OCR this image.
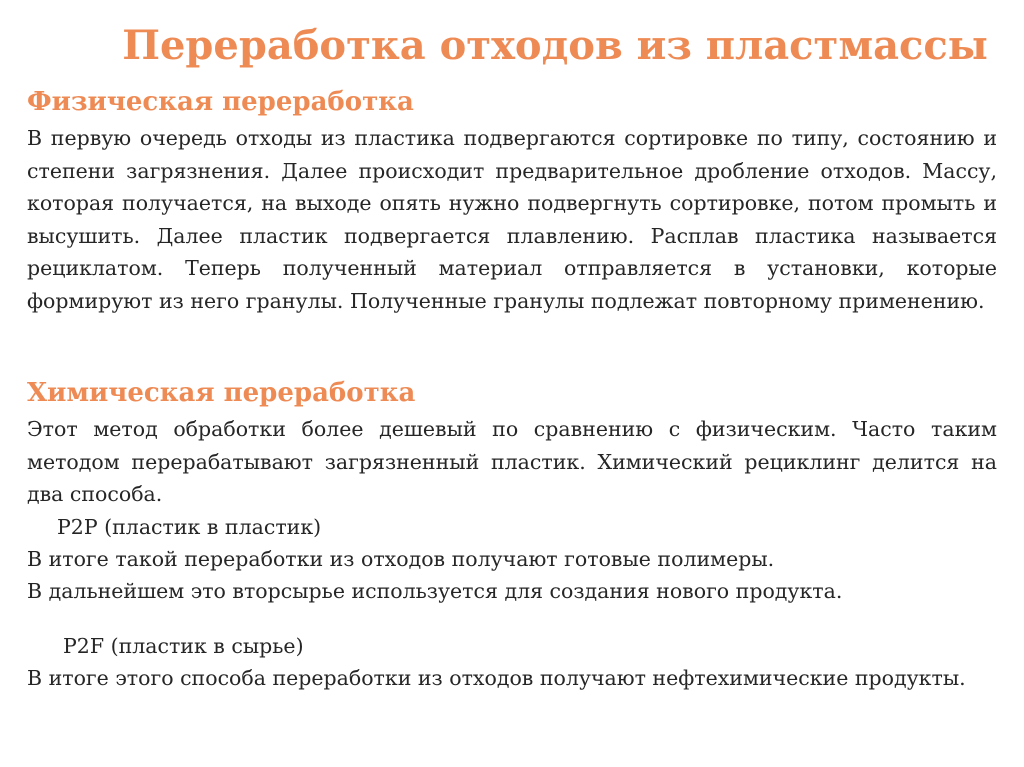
Переработка отходов из пластмассы
Физическая переработка

В первую очередь отходы из пластика подвергаются сортировке по типу, состоянию и степени загрязнения. Далее происходит предварительное дробление отходов. Массу, которая получается, на выходе опять нужно подвергнуть сортировке, потом промыть и высушить. Далее пластик подвергается плавлению. Расплав пластика называется рециклатом. Теперь полученный материал отправляется в установки, которые формируют из него гранулы. Полученные гранулы подлежат повторному применению.

Химическая переработка

Этот метод обработки более дешевый по сравнению с физическим. Часто таким методом перерабатывают загрязненный пластик. Химический рециклинг делится на два способа.

P2P (пластик в пластик)

В итоге такой переработки из отходов получают готовые полимеры.

В дальнейшем это вторсырье используется для создания нового продукта.

P2F (пластик в сырье)

В итоге этого способа переработки из отходов получают нефтехимические продукты.
